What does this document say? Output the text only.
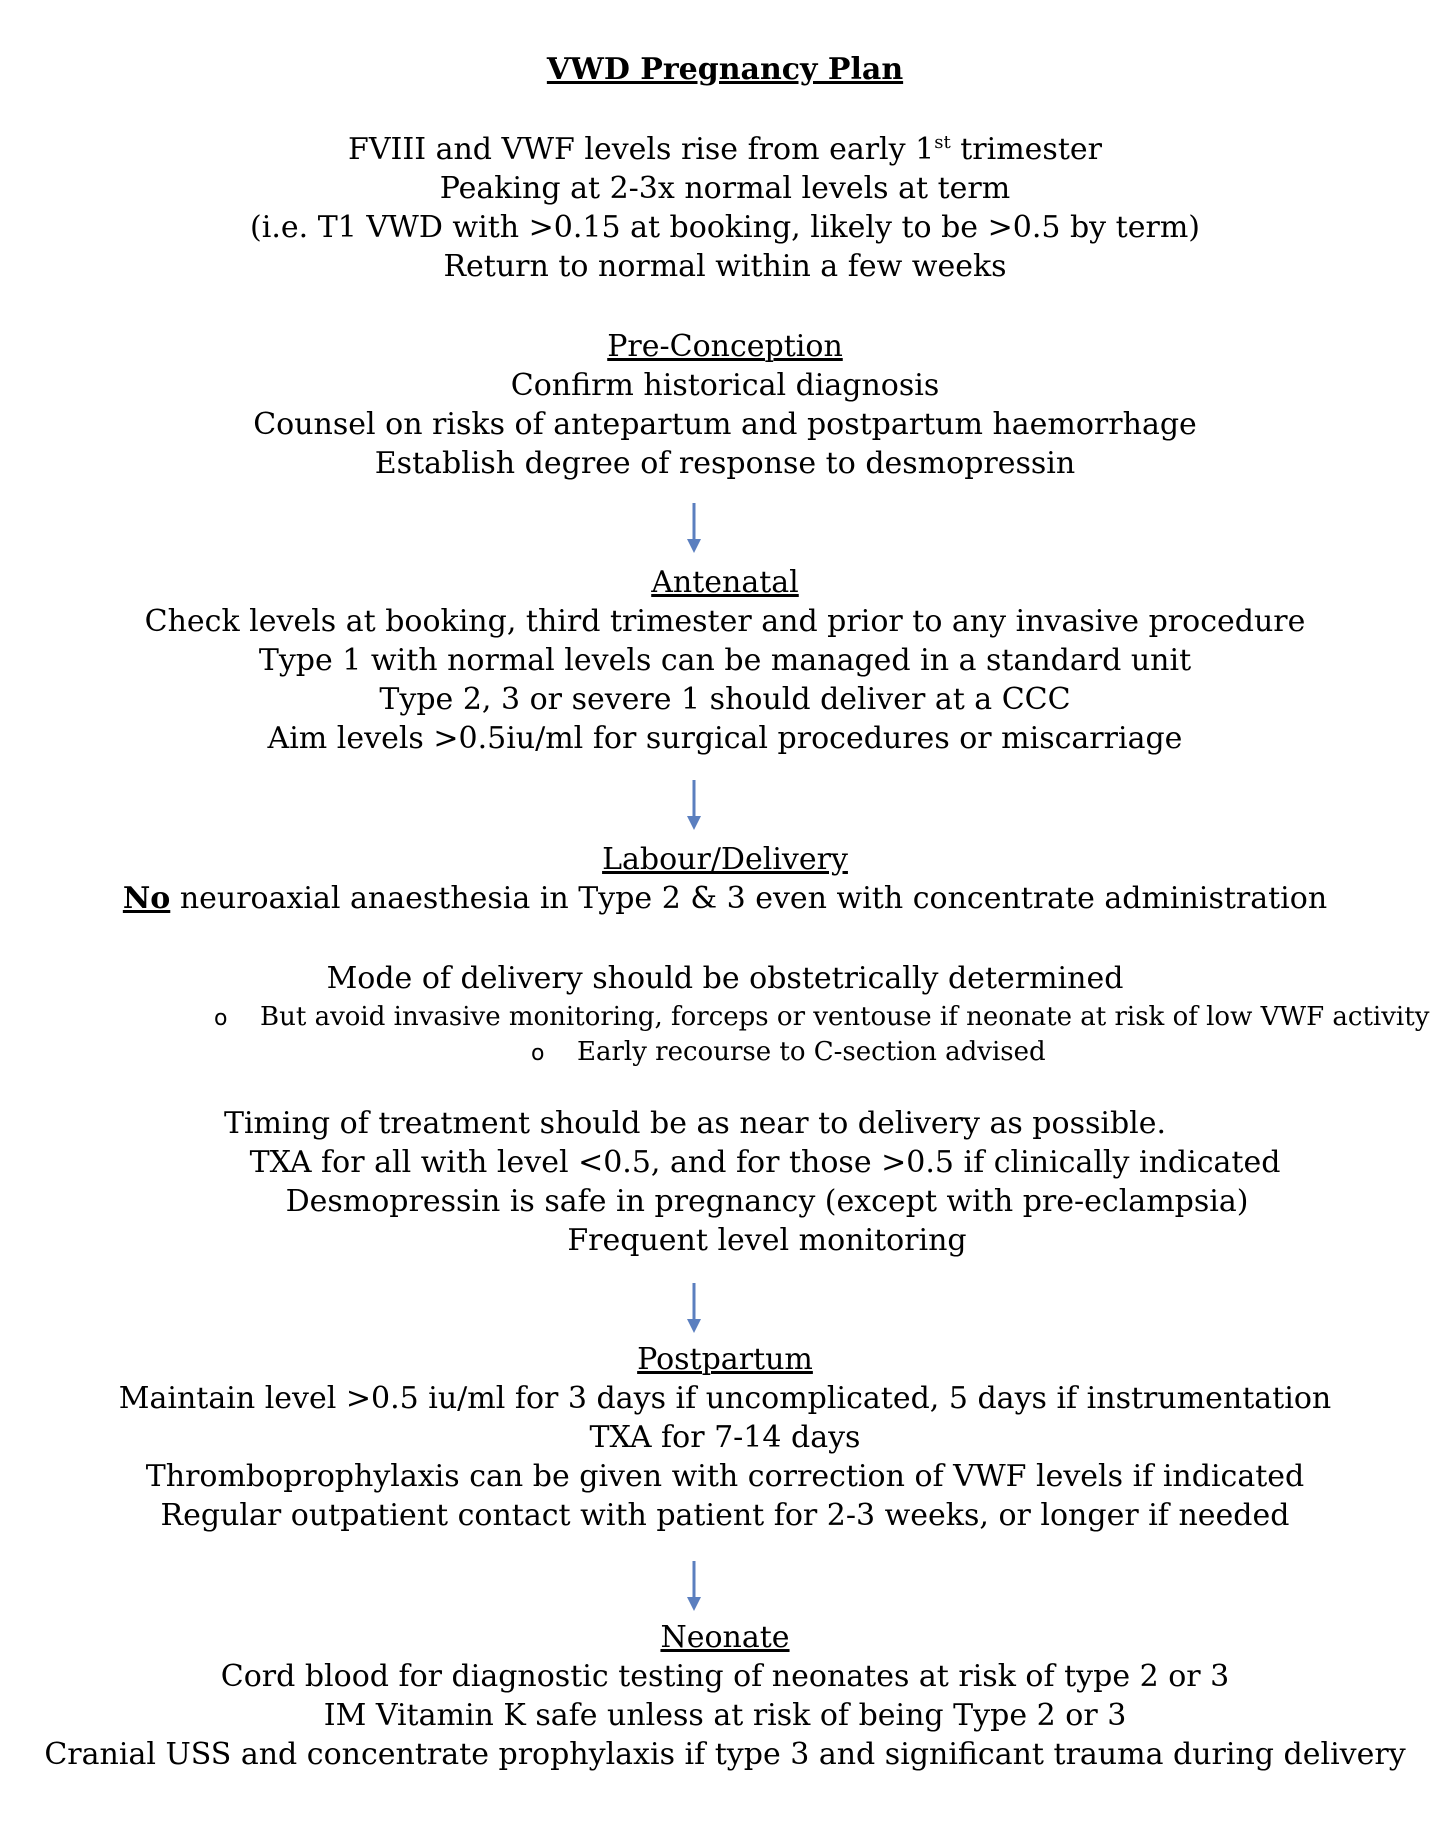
VWD Pregnancy Plan
FVIII and VWF levels rise from early 1st trimester
Peaking at 2-3x normal levels at term
(i.e. T1 VWD with >0.15 at booking, likely to be >0.5 by term)
Return to normal within a few weeks
Pre-Conception
Confirm historical diagnosis
Counsel on risks of antepartum and postpartum haemorrhage
Establish degree of response to desmopressin
Antenatal
Check levels at booking, third trimester and prior to any invasive procedure
Type 1 with normal levels can be managed in a standard unit
Type 2, 3 or severe 1 should deliver at a CCC
Aim levels >0.5iu/ml for surgical procedures or miscarriage
Labour/Delivery
No neuroaxial anaesthesia in Type 2 & 3 even with concentrate administration
Mode of delivery should be obstetrically determined
o But avoid invasive monitoring, forceps or ventouse if neonate at risk of low VWF activity
o Early recourse to C-section advised
Timing of treatment should be as near to delivery as possible.
TXA for all with level <0.5, and for those >0.5 if clinically indicated
Desmopressin is safe in pregnancy (except with pre-eclampsia)
Frequent level monitoring
Postpartum
Maintain level >0.5 iu/ml for 3 days if uncomplicated, 5 days if instrumentation
TXA for 7-14 days
Thromboprophylaxis can be given with correction of VWF levels if indicated
Regular outpatient contact with patient for 2-3 weeks, or longer if needed
Neonate
Cord blood for diagnostic testing of neonates at risk of type 2 or 3
IM Vitamin K safe unless at risk of being Type 2 or 3
Cranial USS and concentrate prophylaxis if type 3 and significant trauma during delivery
